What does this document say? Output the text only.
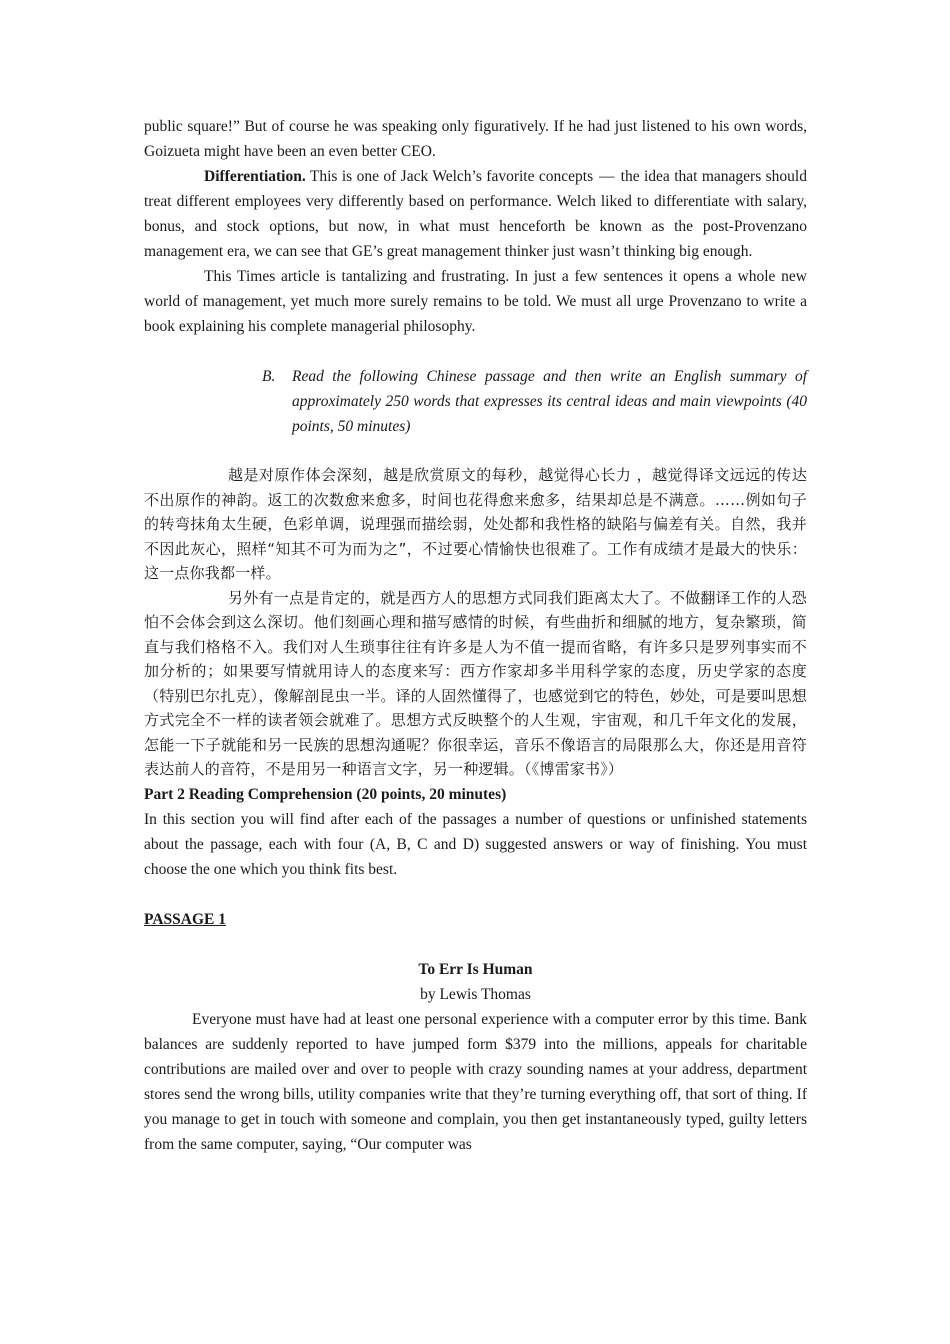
public square!” But of course he was speaking only figuratively. If he had just listened to his own words, Goizueta might have been an even better CEO.

Differentiation. This is one of Jack Welch’s favorite concepts — the idea that managers should treat different employees very differently based on performance. Welch liked to differentiate with salary, bonus, and stock options, but now, in what must henceforth be known as the post-Provenzano management era, we can see that GE’s great management thinker just wasn’t thinking big enough.

This Times article is tantalizing and frustrating. In just a few sentences it opens a whole new world of management, yet much more surely remains to be told. We must all urge Provenzano to write a book explaining his complete managerial philosophy.

B.	Read the following Chinese passage and then write an English summary of approximately 250 words that expresses its central ideas and main viewpoints (40 points, 50 minutes)

越是对原作体会深刻，越是欣赏原文的每秒，越觉得心长力 ，越觉得译文远远的传达不出原作的神韵。返工的次数愈来愈多，时间也花得愈来愈多，结果却总是不满意。……例如句子的转弯抹角太生硬，色彩单调，说理强而描绘弱，处处都和我性格的缺陷与偏差有关。自然，我并不因此灰心，照样“知其不可为而为之”，不过要心情愉快也很难了。工作有成绩才是最大的快乐：这一点你我都一样。

另外有一点是肯定的，就是西方人的思想方式同我们距离太大了。不做翻译工作的人恐怕不会体会到这么深切。他们刻画心理和描写感情的时候，有些曲折和细腻的地方，复杂繁琐，简直与我们格格不入。我们对人生琐事往往有许多是人为不值一提而省略，有许多只是罗列事实而不加分析的；如果要写情就用诗人的态度来写：西方作家却多半用科学家的态度，历史学家的态度（特别巴尔扎克），像解剖昆虫一半。译的人固然懂得了，也感觉到它的特色，妙处，可是要叫思想方式完全不一样的读者领会就难了。思想方式反映整个的人生观，宇宙观，和几千年文化的发展，怎能一下子就能和另一民族的思想沟通呢？你很幸运，音乐不像语言的局限那么大，你还是用音符表达前人的音符，不是用另一种语言文字，另一种逻辑。（《博雷家书》）

Part 2 Reading Comprehension (20 points, 20 minutes)

In this section you will find after each of the passages a number of questions or unfinished statements about the passage, each with four (A, B, C and D) suggested answers or way of finishing. You must choose the one which you think fits best.

PASSAGE 1

To Err Is Human

by Lewis Thomas

Everyone must have had at least one personal experience with a computer error by this time. Bank balances are suddenly reported to have jumped form $379 into the millions, appeals for charitable contributions are mailed over and over to people with crazy sounding names at your address, department stores send the wrong bills, utility companies write that they’re turning everything off, that sort of thing. If you manage to get in touch with someone and complain, you then get instantaneously typed, guilty letters from the same computer, saying, “Our computer was
